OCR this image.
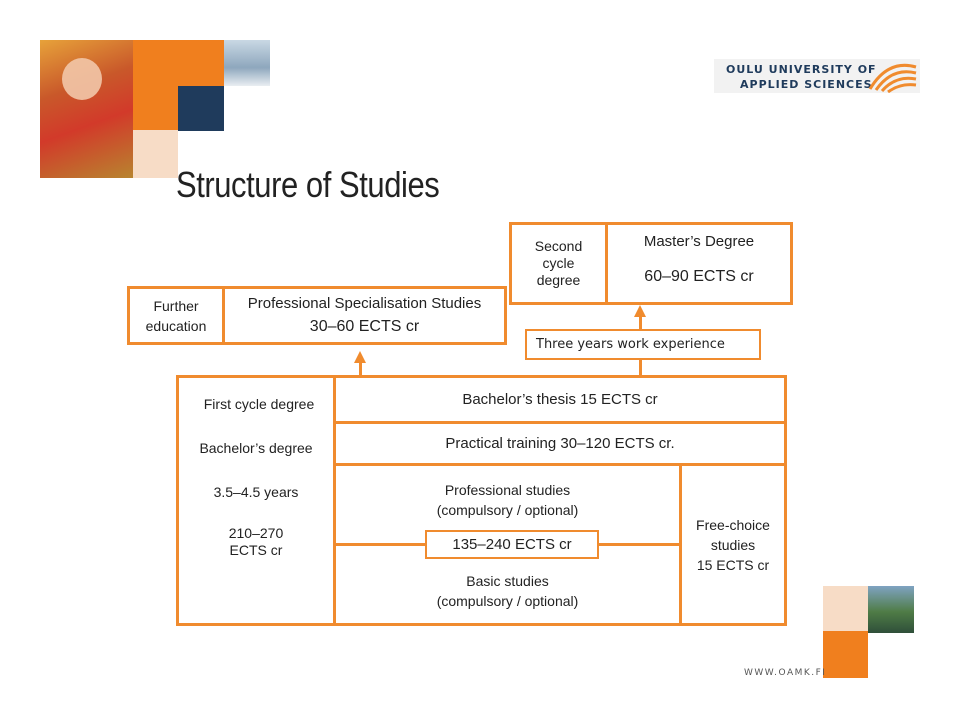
OULU UNIVERSITY OF
APPLIED SCIENCES
Structure of Studies
Second
cycle
degree
Master’s Degree
60–90 ECTS cr
Three years work experience
Further
education
Professional Specialisation Studies
30–60 ECTS cr
First cycle degree
Bachelor’s degree
3.5–4.5 years
210–270
ECTS cr
Bachelor’s thesis 15 ECTS cr
Practical training 30–120 ECTS cr.
Professional studies
(compulsory / optional)
135–240 ECTS cr
Basic studies
(compulsory / optional)
Free-choice
studies
15 ECTS cr
WWW.OAMK.FI
